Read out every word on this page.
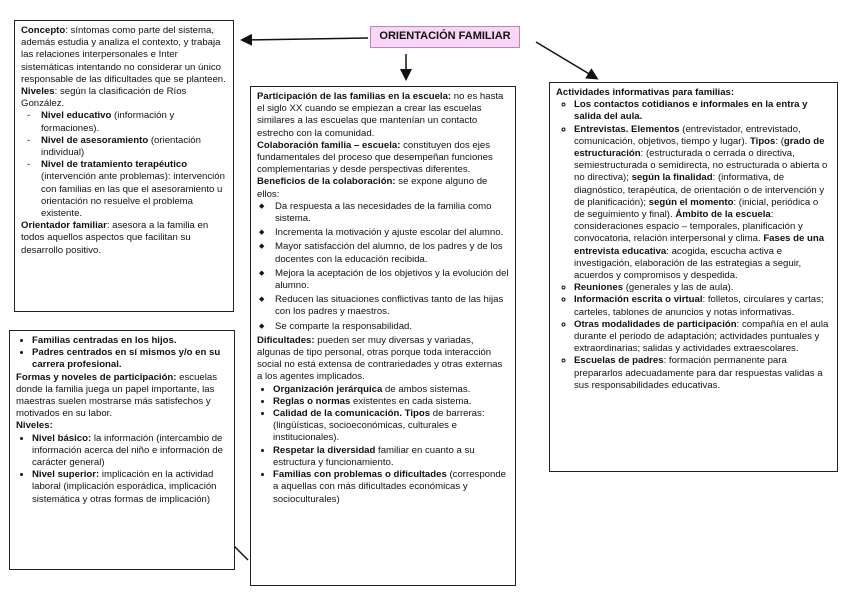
ORIENTACIÓN FAMILIAR

Concepto: síntomas como parte del sistema, además estudia y analiza el contexto, y trabaja las relaciones interpersonales e Inter sistemáticas intentando no considerar un único responsable de las dificultades que se planteen.

Niveles: según la clasificación de Ríos González.

- Nivel educativo (información y formaciones).
- Nivel de asesoramiento (orientación individual)
- Nivel de tratamiento terapéutico (intervención ante problemas): intervención con familias en las que el asesoramiento u orientación no resuelve el problema existente.

Orientador familiar: asesora a la familia en todos aquellos aspectos que facilitan su desarrollo positivo.

• Familias centradas en los hijos.
• Padres centrados en sí mismos y/o en su carrera profesional.

Formas y noveles de participación: escuelas donde la familia juega un papel importante, las maestras suelen mostrarse más satisfechos y motivados en su labor.

Niveles:

• Nivel básico: la información (intercambio de información acerca del niño e información de carácter general)
• Nivel superior: implicación en la actividad laboral (implicación esporádica, implicación sistemática y otras formas de implicación)

Participación de las familias en la escuela: no es hasta el siglo XX cuando se empiezan a crear las escuelas similares a las escuelas que mantenían un contacto estrecho con la comunidad.

Colaboración familia – escuela: constituyen dos ejes fundamentales del proceso que desempeñan funciones complementarias y desde perspectivas diferentes.

Beneficios de la colaboración: se expone alguno de ellos:

◆ Da respuesta a las necesidades de la familia como sistema.
◆ Incrementa la motivación y ajuste escolar del alumno.
◆ Mayor satisfacción del alumno, de los padres y de los docentes con la educación recibida.
◆ Mejora la aceptación de los objetivos y la evolución del alumno.
◆ Reducen las situaciones conflictivas tanto de las hijas con los padres y maestros.
◆ Se comparte la responsabilidad.

Dificultades: pueden ser muy diversas y variadas, algunas de tipo personal, otras porque toda interacción social no está extensa de contrariedades y otras externas a los agentes implicados.

• Organización jerárquica de ambos sistemas.
• Reglas o normas existentes en cada sistema.
• Calidad de la comunicación. Tipos de barreras: (lingüísticas, socioeconómicas, culturales e institucionales).
• Respetar la diversidad familiar en cuanto a su estructura y funcionamiento.
• Familias con problemas o dificultades (corresponde a aquellas con más dificultades económicas y socioculturales)

Actividades informativas para familias:

◦ Los contactos cotidianos e informales en la entra y salida del aula.
◦ Entrevistas. Elementos (entrevistador, entrevistado, comunicación, objetivos, tiempo y lugar). Tipos: (grado de estructuración: (estructurada o cerrada o directiva, semiestructurada o semidirecta, no estructurada o abierta o no directiva); según la finalidad: (informativa, de diagnóstico, terapéutica, de orientación o de intervención y de planificación); según el momento: (inicial, periódica o de seguimiento y final). Ámbito de la escuela: consideraciones espacio – temporales, planificación y convocatoria, relación interpersonal y clima. Fases de una entrevista educativa: acogida, escucha activa e investigación, elaboración de las estrategias a seguir, acuerdos y compromisos y despedida.
◦ Reuniones (generales y las de aula).
◦ Información escrita o virtual: folletos, circulares y cartas; carteles, tablones de anuncios y notas informativas.
◦ Otras modalidades de participación: compañía en el aula durante el periodo de adaptación; actividades puntuales y extraordinarias; salidas y actividades extraescolares.
◦ Escuelas de padres: formación permanente para prepararlos adecuadamente para dar respuestas validas a sus responsabilidades educativas.
